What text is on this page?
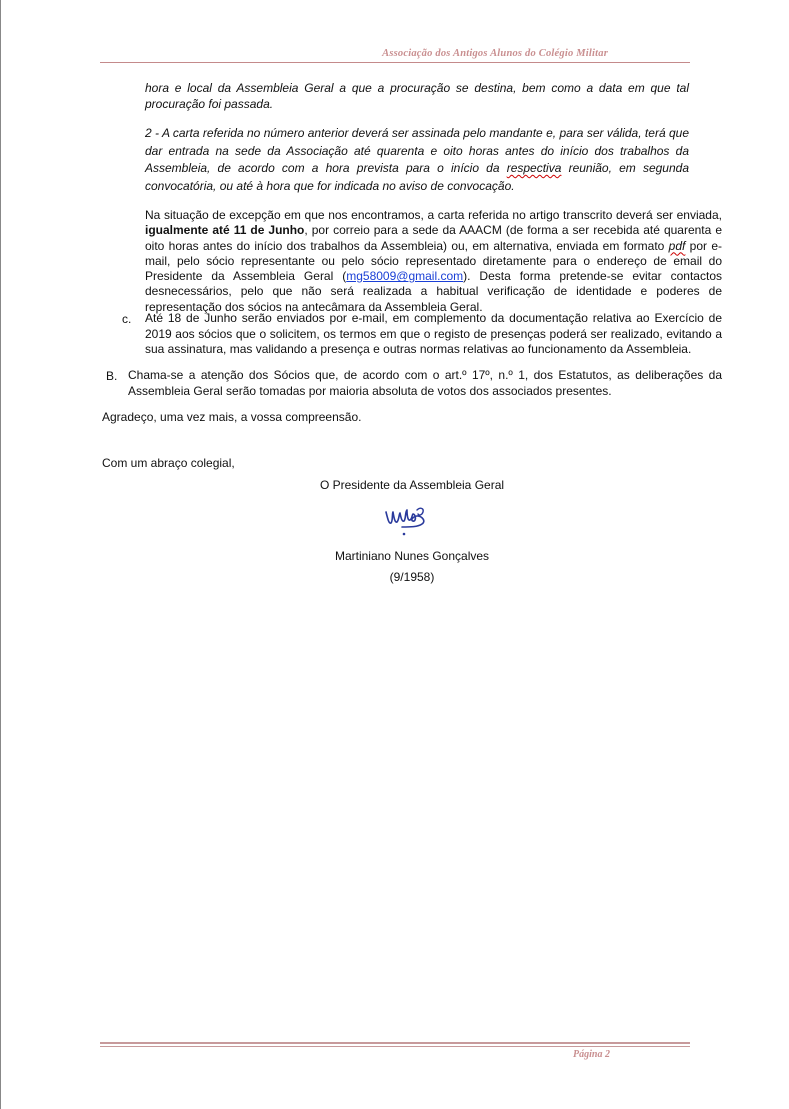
Associação dos Antigos Alunos do Colégio Militar
hora e local da Assembleia Geral a que a procuração se destina, bem como a data em que tal procuração foi passada.
2 - A carta referida no número anterior deverá ser assinada pelo mandante e, para ser válida, terá que dar entrada na sede da Associação até quarenta e oito horas antes do início dos trabalhos da Assembleia, de acordo com a hora prevista para o início da respectiva reunião, em segunda convocatória, ou até à hora que for indicada no aviso de convocação.
Na situação de excepção em que nos encontramos, a carta referida no artigo transcrito deverá ser enviada, igualmente até 11 de Junho, por correio para a sede da AAACM (de forma a ser recebida até quarenta e oito horas antes do início dos trabalhos da Assembleia) ou, em alternativa, enviada em formato pdf por e-mail, pelo sócio representante ou pelo sócio representado diretamente para o endereço de email do Presidente da Assembleia Geral (mg58009@gmail.com). Desta forma pretende-se evitar contactos desnecessários, pelo que não será realizada a habitual verificação de identidade e poderes de representação dos sócios na antecâmara da Assembleia Geral.
c. Até 18 de Junho serão enviados por e-mail, em complemento da documentação relativa ao Exercício de 2019 aos sócios que o solicitem, os termos em que o registo de presenças poderá ser realizado, evitando a sua assinatura, mas validando a presença e outras normas relativas ao funcionamento da Assembleia.
B. Chama-se a atenção dos Sócios que, de acordo com o art.º 17º, n.º 1, dos Estatutos, as deliberações da Assembleia Geral serão tomadas por maioria absoluta de votos dos associados presentes.
Agradeço, uma vez mais, a vossa compreensão.
Com um abraço colegial,
O Presidente da Assembleia Geral
Martiniano Nunes Gonçalves
(9/1958)
Página 2
